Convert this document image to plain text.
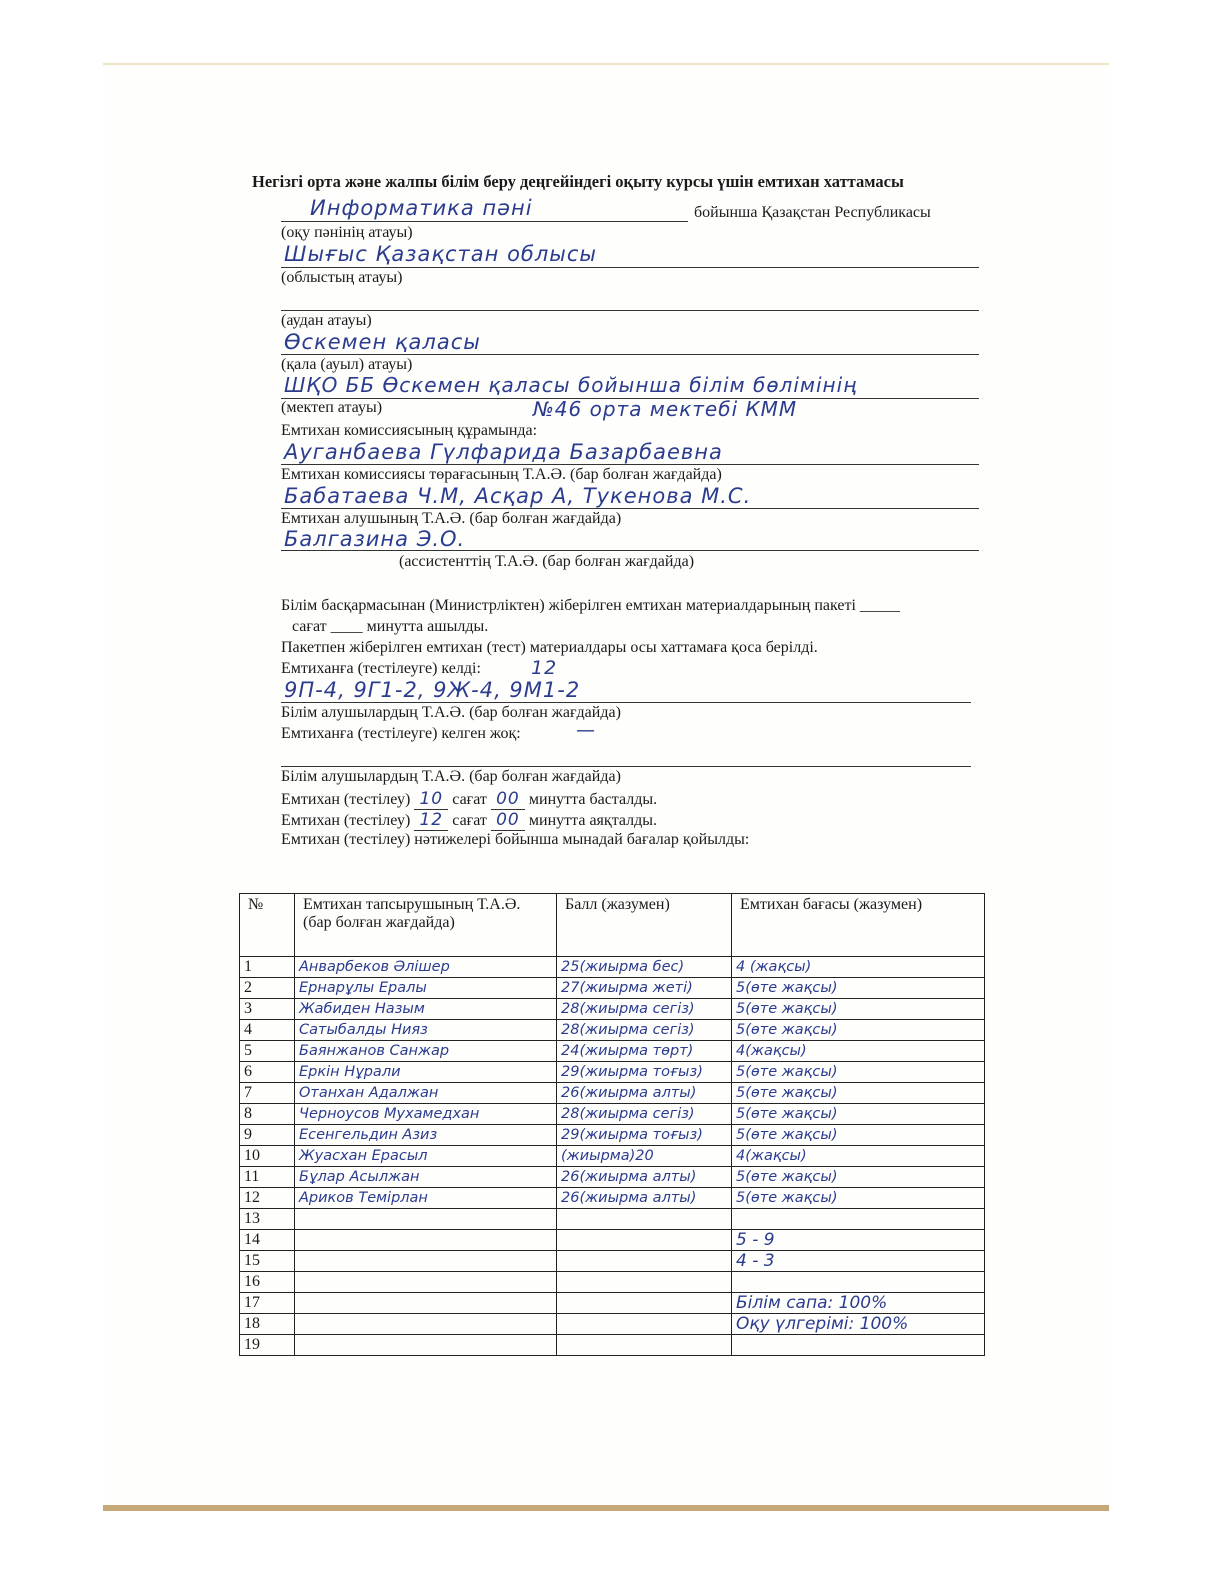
Негізгі орта және жалпы білім беру деңгейіндегі оқыту курсы үшін емтихан хаттамасы
Информатика пәні	бойынша Қазақстан Республикасы
(оқу пәнінің атауы)
Шығыс Қазақстан облысы
(облыстың атауы)
(аудан атауы)
Өскемен қаласы
(қала (ауыл) атауы)
ШҚО ББ Өскемен қаласы бойынша білім бөлімінің
(мектеп атауы)	№46 орта мектебі КММ
Емтихан комиссиясының құрамында:
Ауганбаева Гүлфарида Базарбаевна
Емтихан комиссиясы төрағасының Т.А.Ә. (бар болған жағдайда)
Бабатаева Ч.М, Асқар А, Тукенова М.С.
Емтихан алушының Т.А.Ә. (бар болған жағдайда)
Балгазина Э.О.
(ассистенттің Т.А.Ә. (бар болған жағдайда)
Білім басқармасынан (Министрліктен) жіберілген емтихан материалдарының пакеті _____
сағат ____ минутта ашылды.
Пакетпен жіберілген емтихан (тест) материалдары осы хаттамаға қоса берілді.
Емтиханға (тестілеуге) келді:	12
9П-4, 9Г1-2, 9Ж-4, 9М1-2
Білім алушылардың Т.А.Ә. (бар болған жағдайда)
Емтиханға (тестілеуге) келген жоқ:	—
Білім алушылардың Т.А.Ә. (бар болған жағдайда)
Емтихан (тестілеу) 10 сағат 00 минутта басталды.
Емтихан (тестілеу) 12 сағат 00 минутта аяқталды.
Емтихан (тестілеу) нәтижелері бойынша мынадай бағалар қойылды:
№	Емтихан тапсырушының Т.А.Ә. (бар болған жағдайда)	Балл (жазумен)	Емтихан бағасы (жазумен)
1	Анварбеков Әлішер	25(жиырма бес)	4 (жақсы)
2	Ернарұлы Ералы	27(жиырма жеті)	5(өте жақсы)
3	Жабиден Назым	28(жиырма сегіз)	5(өте жақсы)
4	Сатыбалды Нияз	28(жиырма сегіз)	5(өте жақсы)
5	Баянжанов Санжар	24(жиырма төрт)	4(жақсы)
6	Еркін Нұрали	29(жиырма тоғыз)	5(өте жақсы)
7	Отанхан Адалжан	26(жиырма алты)	5(өте жақсы)
8	Черноусов Мухамедхан	28(жиырма сегіз)	5(өте жақсы)
9	Есенгельдин Азиз	29(жиырма тоғыз)	5(өте жақсы)
10	Жуасхан Ерасыл	(жиырма)20	4(жақсы)
11	Бұлар Асылжан	26(жиырма алты)	5(өте жақсы)
12	Ариков Темірлан	26(жиырма алты)	5(өте жақсы)
13			
14			5 - 9
15			4 - 3
16			
17			Білім сапа: 100%
18			Оқу үлгерімі: 100%
19			
